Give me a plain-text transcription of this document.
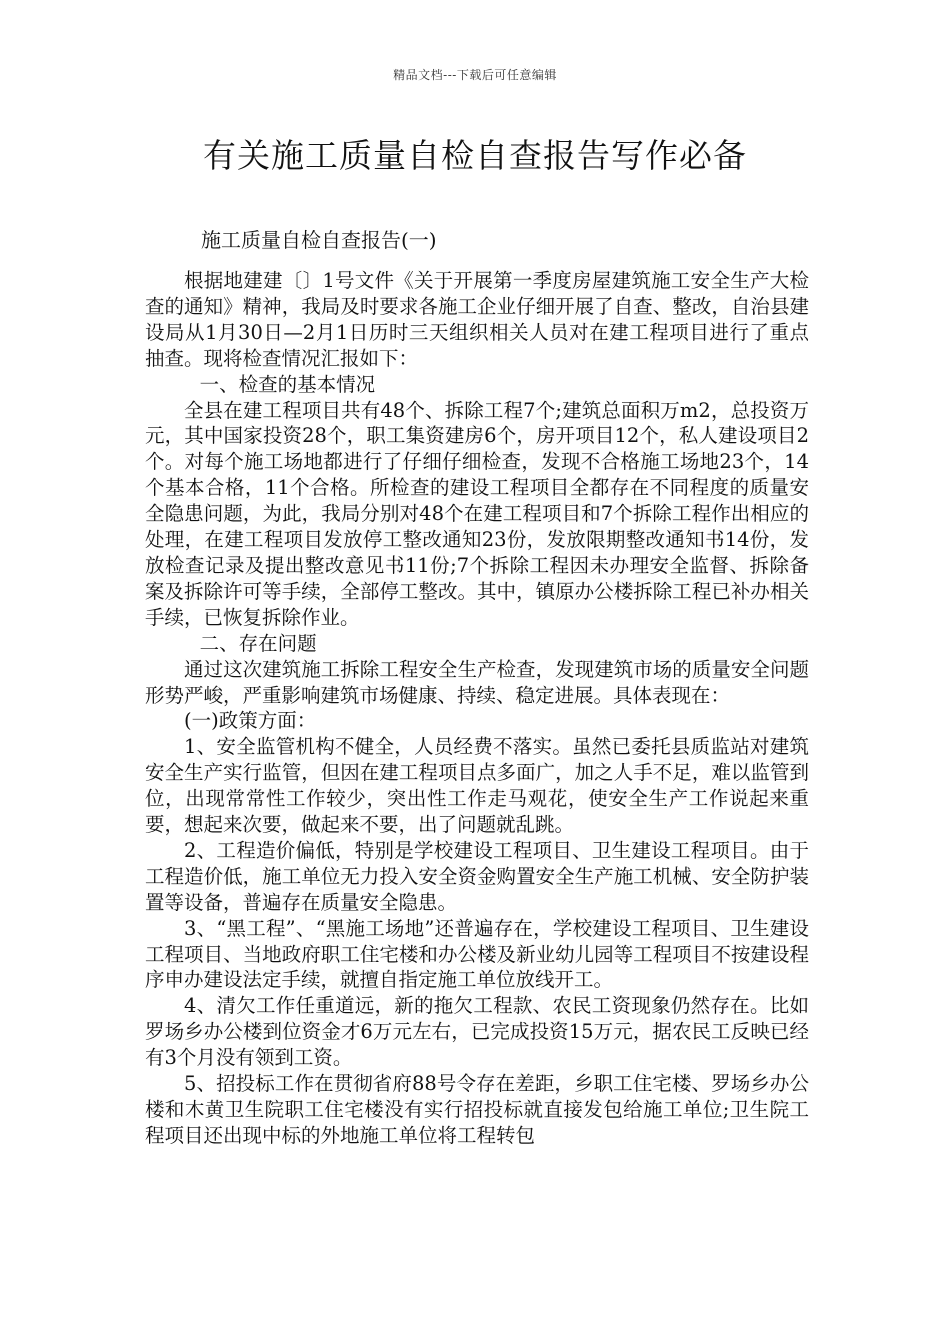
精品文档---下载后可任意编辑
有关施工质量自检自查报告写作必备

施工质量自检自查报告(一)

根据地建建〔〕1号文件《关于开展第一季度房屋建筑施工安全生产大检查的通知》精神，我局及时要求各施工企业仔细开展了自查、整改，自治县建设局从1月30日—2月1日历时三天组织相关人员对在建工程项目进行了重点抽查。现将检查情况汇报如下：

一、检查的基本情况

全县在建工程项目共有48个、拆除工程7个;建筑总面积万m2，总投资万元，其中国家投资28个，职工集资建房6个，房开项目12个，私人建设项目2个。对每个施工场地都进行了仔细仔细检查，发现不合格施工场地23个，14个基本合格，11个合格。所检查的建设工程项目全都存在不同程度的质量安全隐患问题，为此，我局分别对48个在建工程项目和7个拆除工程作出相应的处理，在建工程项目发放停工整改通知23份，发放限期整改通知书14份，发放检查记录及提出整改意见书11份;7个拆除工程因未办理安全监督、拆除备案及拆除许可等手续，全部停工整改。其中，镇原办公楼拆除工程已补办相关手续，已恢复拆除作业。

二、存在问题

通过这次建筑施工拆除工程安全生产检查，发现建筑市场的质量安全问题形势严峻，严重影响建筑市场健康、持续、稳定进展。具体表现在：

(一)政策方面：

1、安全监管机构不健全，人员经费不落实。虽然已委托县质监站对建筑安全生产实行监管，但因在建工程项目点多面广，加之人手不足，难以监管到位，出现常常性工作较少，突出性工作走马观花，使安全生产工作说起来重要，想起来次要，做起来不要，出了问题就乱跳。

2、工程造价偏低，特别是学校建设工程项目、卫生建设工程项目。由于工程造价低，施工单位无力投入安全资金购置安全生产施工机械、安全防护装置等设备，普遍存在质量安全隐患。

3、“黑工程”、“黑施工场地”还普遍存在，学校建设工程项目、卫生建设工程项目、当地政府职工住宅楼和办公楼及新业幼儿园等工程项目不按建设程序申办建设法定手续，就擅自指定施工单位放线开工。

4、清欠工作任重道远，新的拖欠工程款、农民工资现象仍然存在。比如罗场乡办公楼到位资金才6万元左右，已完成投资15万元，据农民工反映已经有3个月没有领到工资。

5、招投标工作在贯彻省府88号令存在差距，乡职工住宅楼、罗场乡办公楼和木黄卫生院职工住宅楼没有实行招投标就直接发包给施工单位;卫生院工程项目还出现中标的外地施工单位将工程转包
